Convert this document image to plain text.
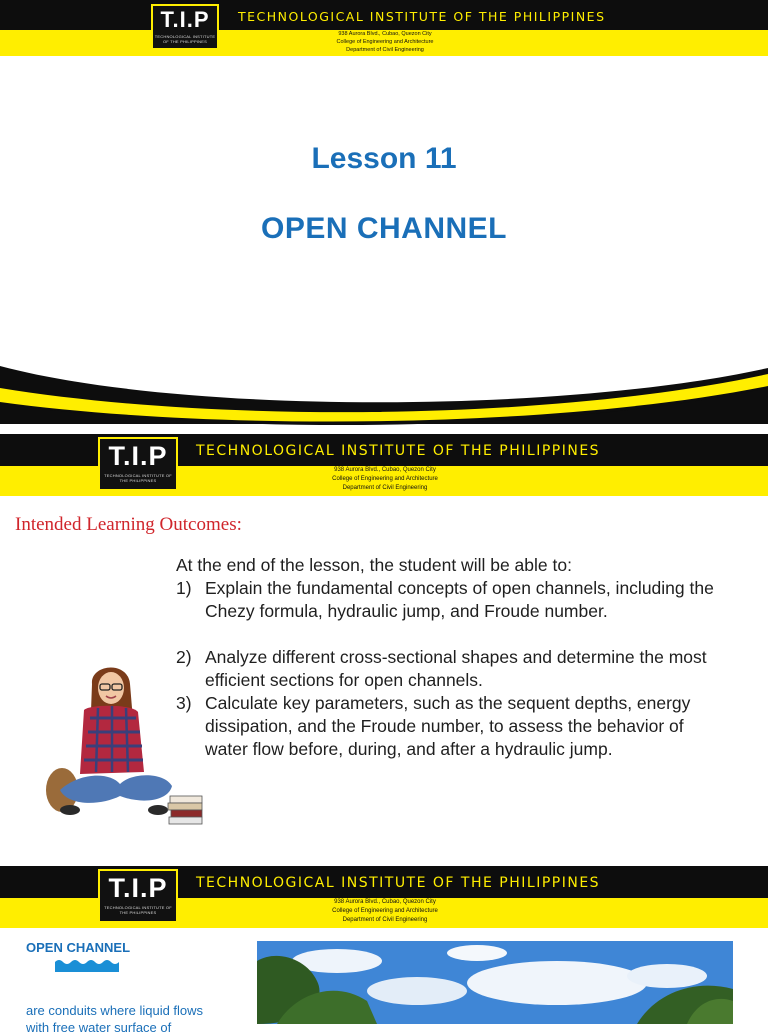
T.I.P
TECHNOLOGICAL INSTITUTE OF THE PHILIPPINES
TECHNOLOGICAL INSTITUTE OF THE PHILIPPINES
938 Aurora Blvd., Cubao, Quezon City
College of Engineering and Architecture
Department of Civil Engineering
Lesson 11
OPEN CHANNEL
T.I.P
TECHNOLOGICAL INSTITUTE OF THE PHILIPPINES
TECHNOLOGICAL INSTITUTE OF THE PHILIPPINES
938 Aurora Blvd., Cubao, Quezon City
College of Engineering and Architecture
Department of Civil Engineering
Intended Learning Outcomes:
At the end of the lesson, the student will be able to:
1) Explain the fundamental concepts of open channels, including the Chezy formula, hydraulic jump, and Froude number.
2) Analyze different cross-sectional shapes and determine the most efficient sections for open channels.
3) Calculate key parameters, such as the sequent depths, energy dissipation, and the Froude number, to assess the behavior of water flow before, during, and after a hydraulic jump.
T.I.P
TECHNOLOGICAL INSTITUTE OF THE PHILIPPINES
TECHNOLOGICAL INSTITUTE OF THE PHILIPPINES
938 Aurora Blvd., Cubao, Quezon City
College of Engineering and Architecture
Department of Civil Engineering
OPEN CHANNEL
are conduits where liquid flows with free water surface of
